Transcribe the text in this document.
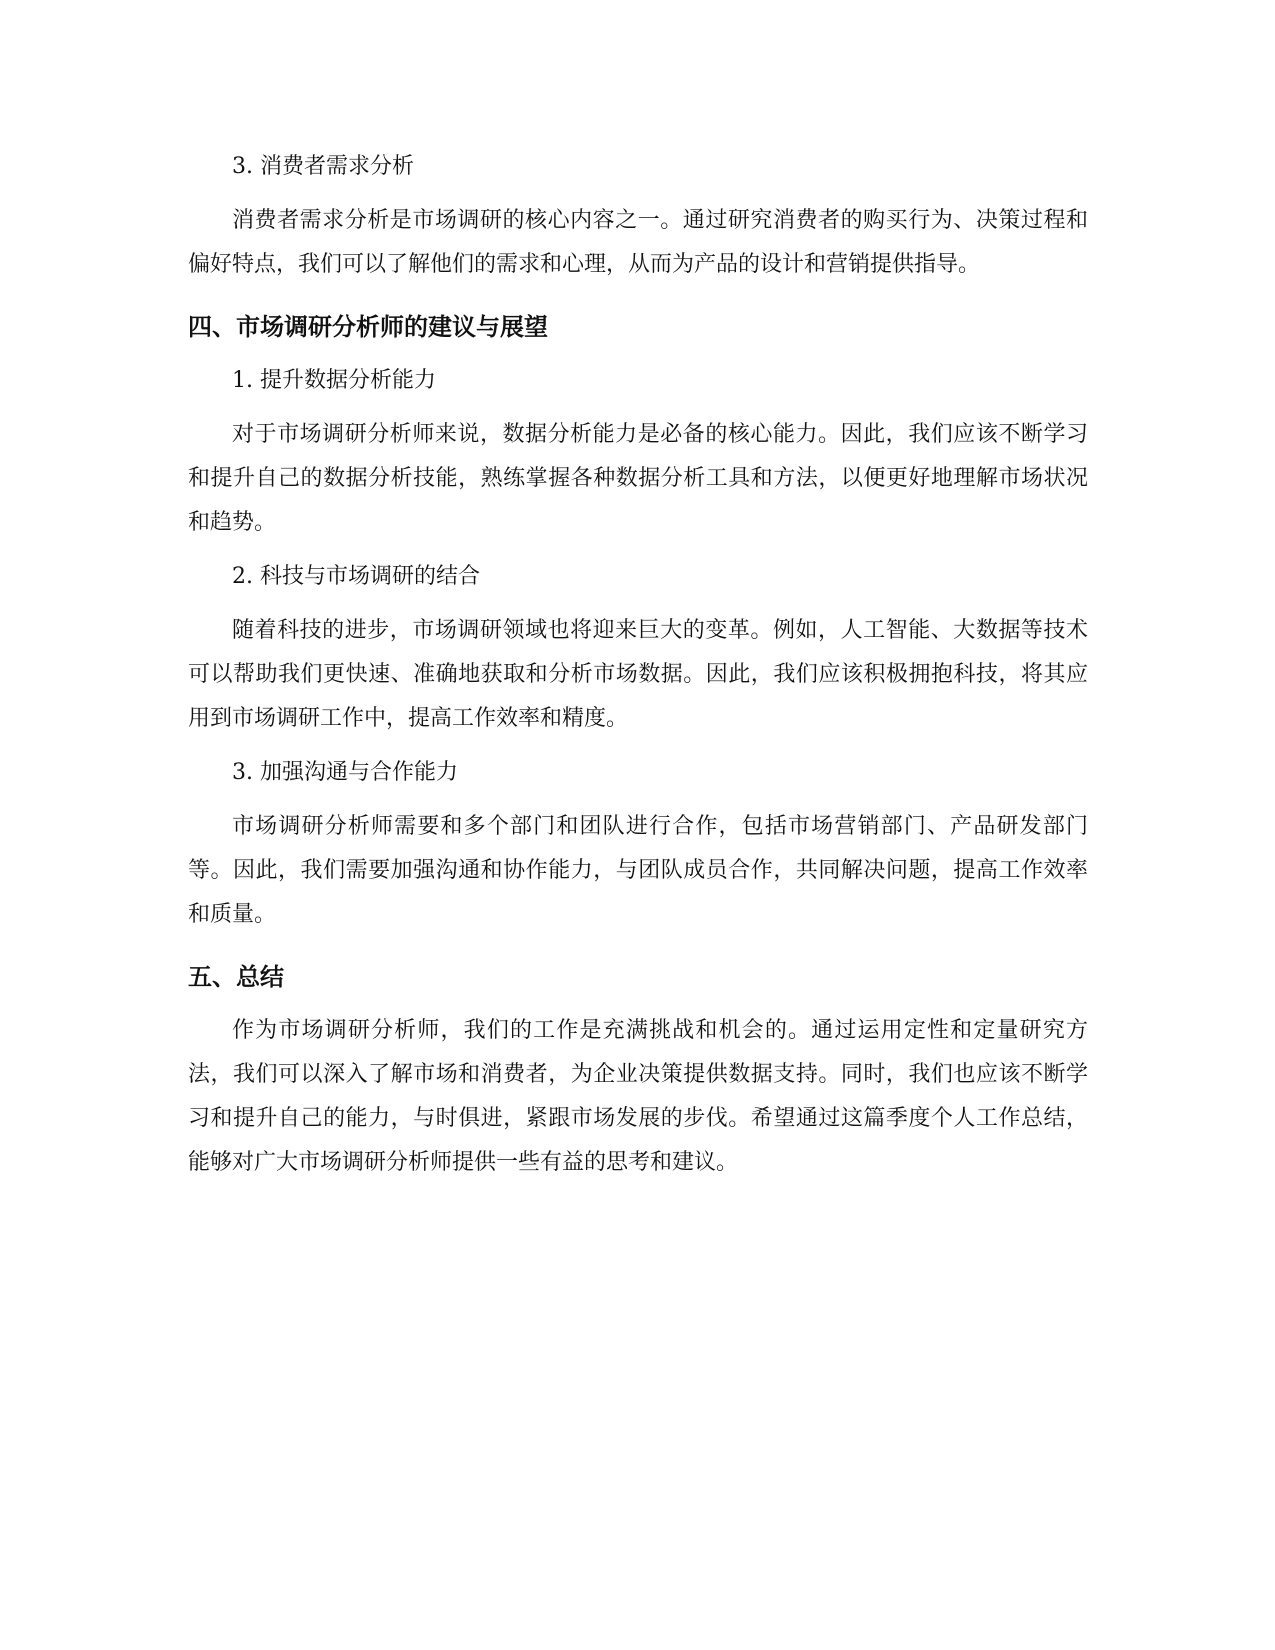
3. 消费者需求分析

消费者需求分析是市场调研的核心内容之一。通过研究消费者的购买行为、决策过程和偏好特点，我们可以了解他们的需求和心理，从而为产品的设计和营销提供指导。

四、市场调研分析师的建议与展望

1. 提升数据分析能力

对于市场调研分析师来说，数据分析能力是必备的核心能力。因此，我们应该不断学习和提升自己的数据分析技能，熟练掌握各种数据分析工具和方法，以便更好地理解市场状况和趋势。

2. 科技与市场调研的结合

随着科技的进步，市场调研领域也将迎来巨大的变革。例如，人工智能、大数据等技术可以帮助我们更快速、准确地获取和分析市场数据。因此，我们应该积极拥抱科技，将其应用到市场调研工作中，提高工作效率和精度。

3. 加强沟通与合作能力

市场调研分析师需要和多个部门和团队进行合作，包括市场营销部门、产品研发部门等。因此，我们需要加强沟通和协作能力，与团队成员合作，共同解决问题，提高工作效率和质量。

五、总结

作为市场调研分析师，我们的工作是充满挑战和机会的。通过运用定性和定量研究方法，我们可以深入了解市场和消费者，为企业决策提供数据支持。同时，我们也应该不断学习和提升自己的能力，与时俱进，紧跟市场发展的步伐。希望通过这篇季度个人工作总结，能够对广大市场调研分析师提供一些有益的思考和建议。
